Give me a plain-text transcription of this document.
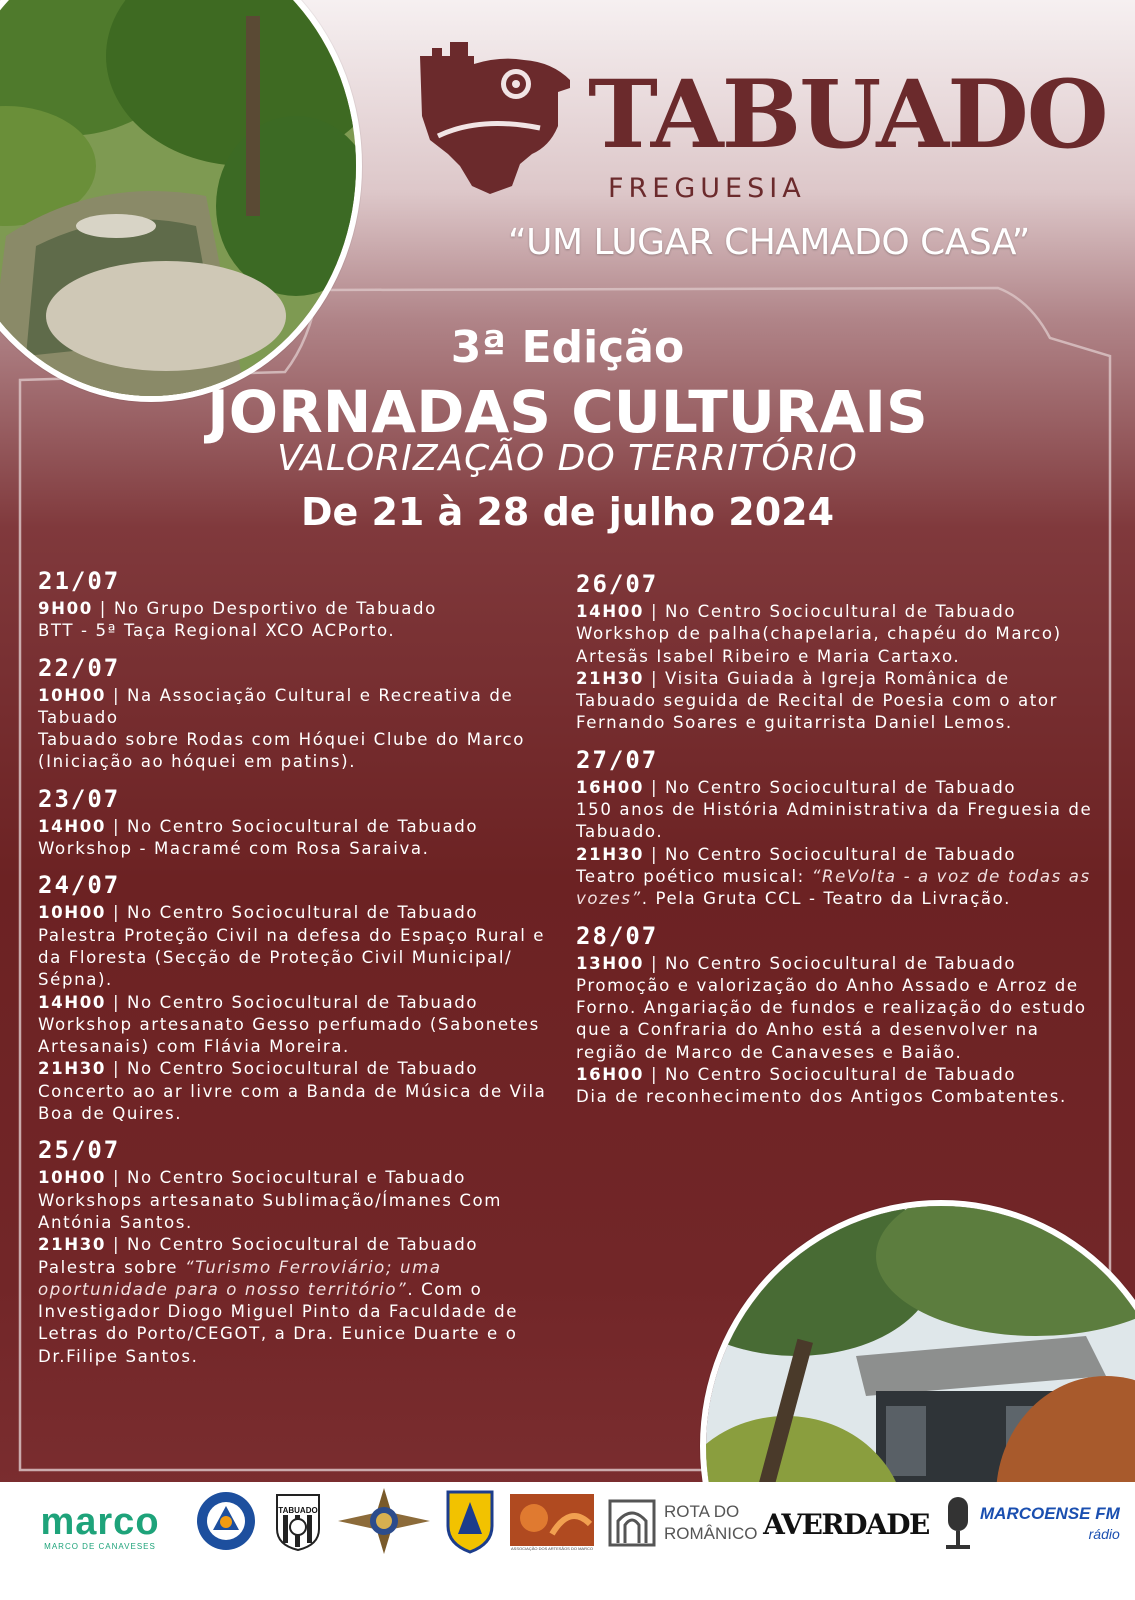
TABUADO
FREGUESIA
“UM LUGAR CHAMADO CASA”
3ª Edição
JORNADAS CULTURAIS
VALORIZAÇÃO DO TERRITÓRIO
De 21 à 28 de julho 2024
21/07
9H00 | No Grupo Desportivo de Tabuado
BTT - 5ª Taça Regional XCO ACPorto.
22/07
10H00 | Na Associação Cultural e Recreativa de Tabuado
Tabuado sobre Rodas com Hóquei Clube do Marco (Iniciação ao hóquei em patins).
23/07
14H00 | No Centro Sociocultural de Tabuado
Workshop - Macramé com Rosa Saraiva.
24/07
10H00 | No Centro Sociocultural de Tabuado
Palestra Proteção Civil na defesa do Espaço Rural e da Floresta (Secção de Proteção Civil Municipal/ Sépna).
14H00 | No Centro Sociocultural de Tabuado
Workshop artesanato Gesso perfumado (Sabonetes Artesanais) com Flávia Moreira.
21H30 | No Centro Sociocultural de Tabuado
Concerto ao ar livre com a Banda de Música de Vila Boa de Quires.
25/07
10H00 | No Centro Sociocultural e Tabuado
Workshops artesanato Sublimação/Ímanes Com Antónia Santos.
21H30 | No Centro Sociocultural de Tabuado
Palestra sobre “Turismo Ferroviário; uma oportunidade para o nosso território”. Com o Investigador Diogo Miguel Pinto da Faculdade de Letras do Porto/CEGOT, a Dra. Eunice Duarte e o Dr.Filipe Santos.
26/07
14H00 | No Centro Sociocultural de Tabuado
Workshop de palha(chapelaria, chapéu do Marco) Artesãs Isabel Ribeiro e Maria Cartaxo.
21H30 | Visita Guiada à Igreja Românica de Tabuado seguida de Recital de Poesia com o ator Fernando Soares e guitarrista Daniel Lemos.
27/07
16H00 | No Centro Sociocultural de Tabuado
150 anos de História Administrativa da Freguesia de Tabuado.
21H30 | No Centro Sociocultural de Tabuado
Teatro poético musical: “ReVolta - a voz de todas as vozes”. Pela Gruta CCL - Teatro da Livração.
28/07
13H00 | No Centro Sociocultural de Tabuado
Promoção e valorização do Anho Assado e Arroz de Forno. Angariação de fundos e realização do estudo que a Confraria do Anho está a desenvolver na região de Marco de Canaveses e Baião.
16H00 | No Centro Sociocultural de Tabuado
Dia de reconhecimento dos Antigos Combatentes.
marco
MARCO DE CANAVESES
TABUADO
ASSOCIAÇÃO DOS ARTESÃOS DO MARCO
ROTA DO
ROMÂNICO AVERDADE	MARCOENSE FM
rádio
